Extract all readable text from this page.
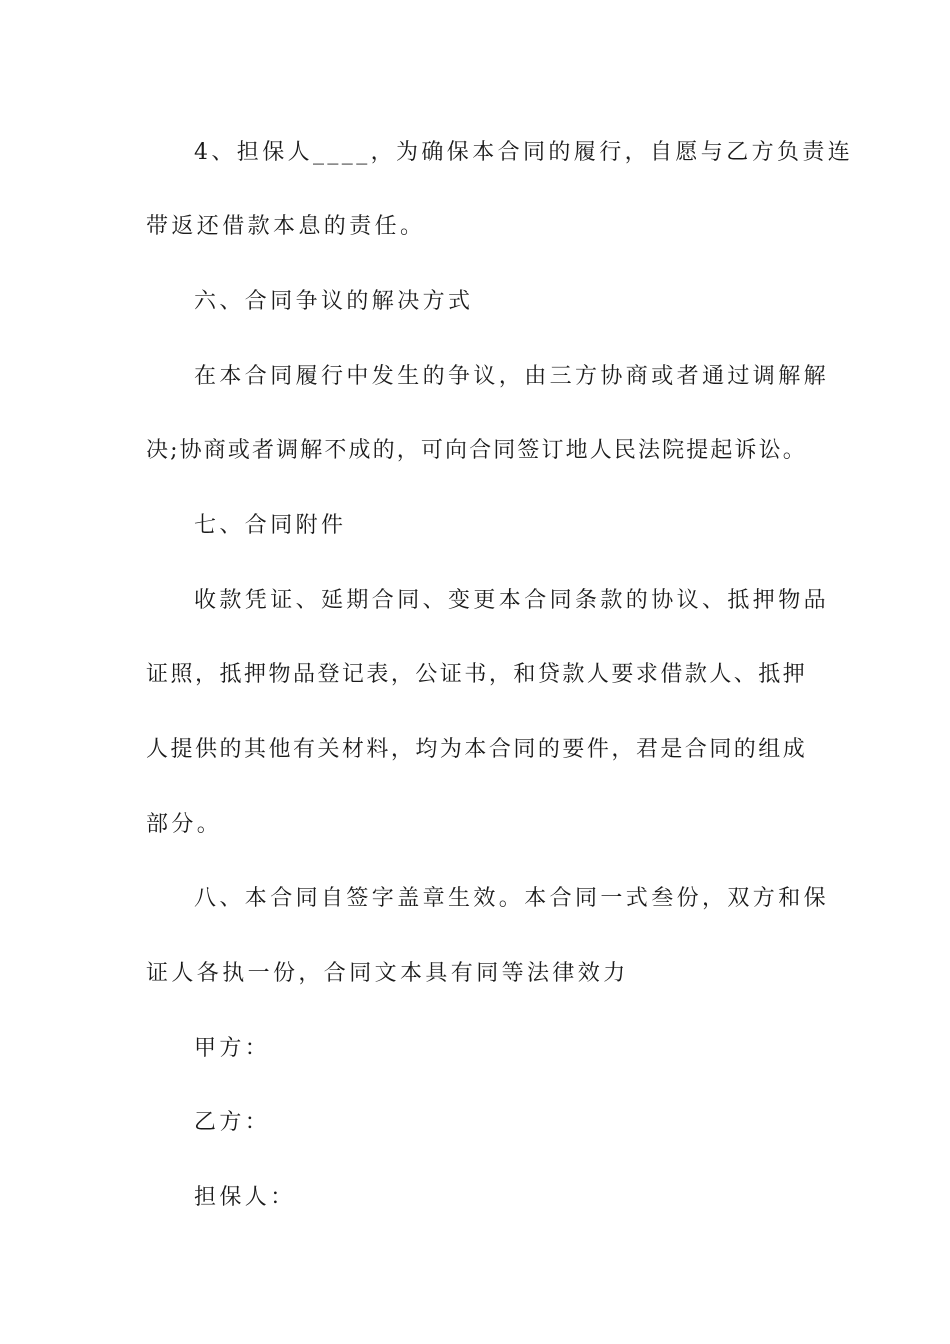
4、担保人____，为确保本合同的履行，自愿与乙方负责连
带返还借款本息的责任。
六、合同争议的解决方式
在本合同履行中发生的争议，由三方协商或者通过调解解
决;协商或者调解不成的，可向合同签订地人民法院提起诉讼。
七、合同附件
收款凭证、延期合同、变更本合同条款的协议、抵押物品
证照，抵押物品登记表，公证书，和贷款人要求借款人、抵押
人提供的其他有关材料，均为本合同的要件，君是合同的组成
部分。
八、本合同自签字盖章生效。本合同一式叁份，双方和保
证人各执一份，合同文本具有同等法律效力
甲方：
乙方：
担保人：
